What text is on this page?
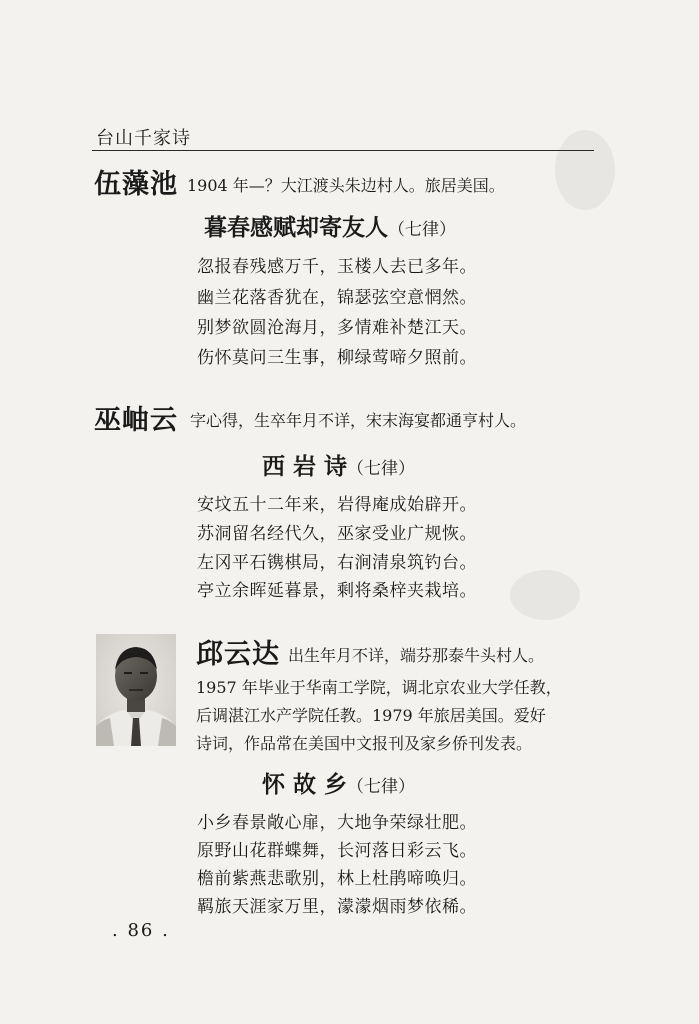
台山千家诗
伍藻池 1904 年—？大江渡头朱边村人。旅居美国。
暮春感赋却寄友人（七律）
忽报春残感万千，玉楼人去已多年。
幽兰花落香犹在，锦瑟弦空意惘然。
别梦欲圆沧海月，多情难补楚江天。
伤怀莫问三生事，柳绿莺啼夕照前。
巫岫云 字心得，生卒年月不详，宋末海宴都通亨村人。
西 岩 诗（七律）
安坟五十二年来，岩得庵成始辟开。
苏洞留名经代久，巫家受业广规恢。
左冈平石镌棋局，右涧清泉筑钓台。
亭立余晖延暮景，剩将桑梓夹栽培。
邱云达 出生年月不详，端芬那泰牛头村人。
1957 年毕业于华南工学院，调北京农业大学任教，
后调湛江水产学院任教。1979 年旅居美国。爱好
诗词，作品常在美国中文报刊及家乡侨刊发表。
怀 故 乡（七律）
小乡春景敞心扉，大地争荣绿壮肥。
原野山花群蝶舞，长河落日彩云飞。
檐前紫燕悲歌别，林上杜鹃啼唤归。
羁旅天涯家万里，濛濛烟雨梦依稀。
. 86 .
